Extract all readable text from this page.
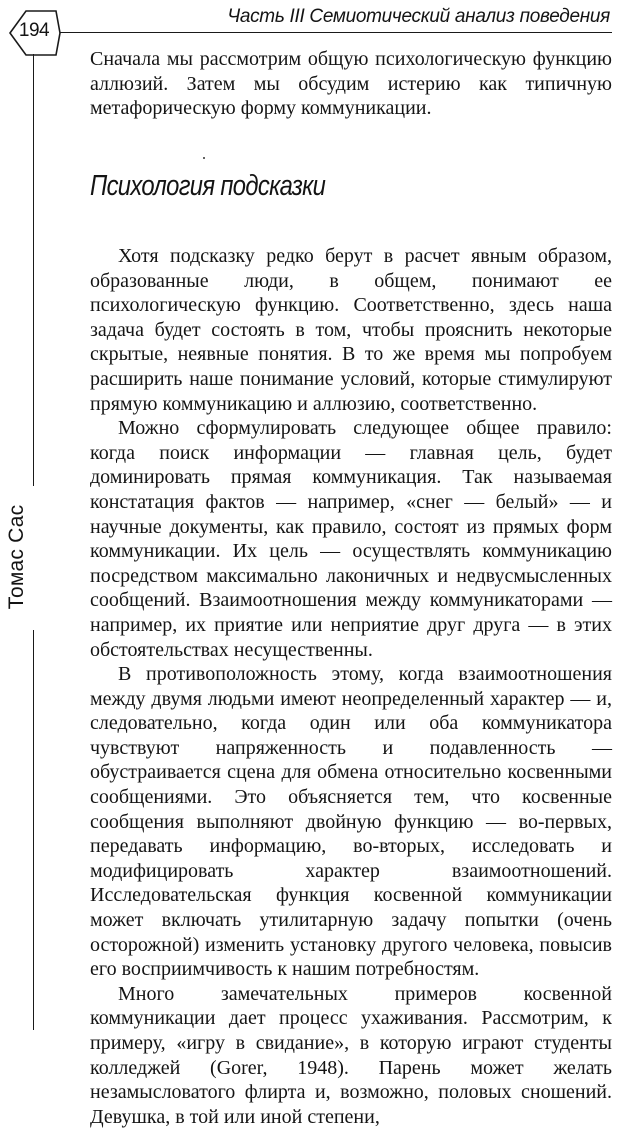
194
Часть III Семиотический анализ поведения
Томас Сас

Сначала мы рассмотрим общую психологическую функцию аллюзий. Затем мы обсудим истерию как типичную метафорическую форму коммуникации.

Психология подсказки

Хотя подсказку редко берут в расчет явным образом, образованные люди, в общем, понимают ее психологическую функцию. Соответственно, здесь наша задача будет состоять в том, чтобы прояснить некоторые скрытые, неявные понятия. В то же время мы попробуем расширить наше понимание условий, которые стимулируют прямую коммуникацию и аллюзию, соответственно.

Можно сформулировать следующее общее правило: когда поиск информации — главная цель, будет доминировать прямая коммуникация. Так называемая констатация фактов — например, «снег — белый» — и научные документы, как правило, состоят из прямых форм коммуникации. Их цель — осуществлять коммуникацию посредством максимально лаконичных и недвусмысленных сообщений. Взаимоотношения между коммуникаторами — например, их приятие или неприятие друг друга — в этих обстоятельствах несущественны.

В противоположность этому, когда взаимоотношения между двумя людьми имеют неопределенный характер — и, следовательно, когда один или оба коммуникатора чувствуют напряженность и подавленность — обустраивается сцена для обмена относительно косвенными сообщениями. Это объясняется тем, что косвенные сообщения выполняют двойную функцию — во-первых, передавать информацию, во-вторых, исследовать и модифицировать характер взаимоотношений. Исследовательская функция косвенной коммуникации может включать утилитарную задачу попытки (очень осторожной) изменить установку другого человека, повысив его восприимчивость к нашим потребностям.

Много замечательных примеров косвенной коммуникации дает процесс ухаживания. Рассмотрим, к примеру, «игру в свидание», в которую играют студенты колледжей (Gorer, 1948). Парень может желать незамысловатого флирта и, возможно, половых сношений. Девушка, в той или иной степени,
